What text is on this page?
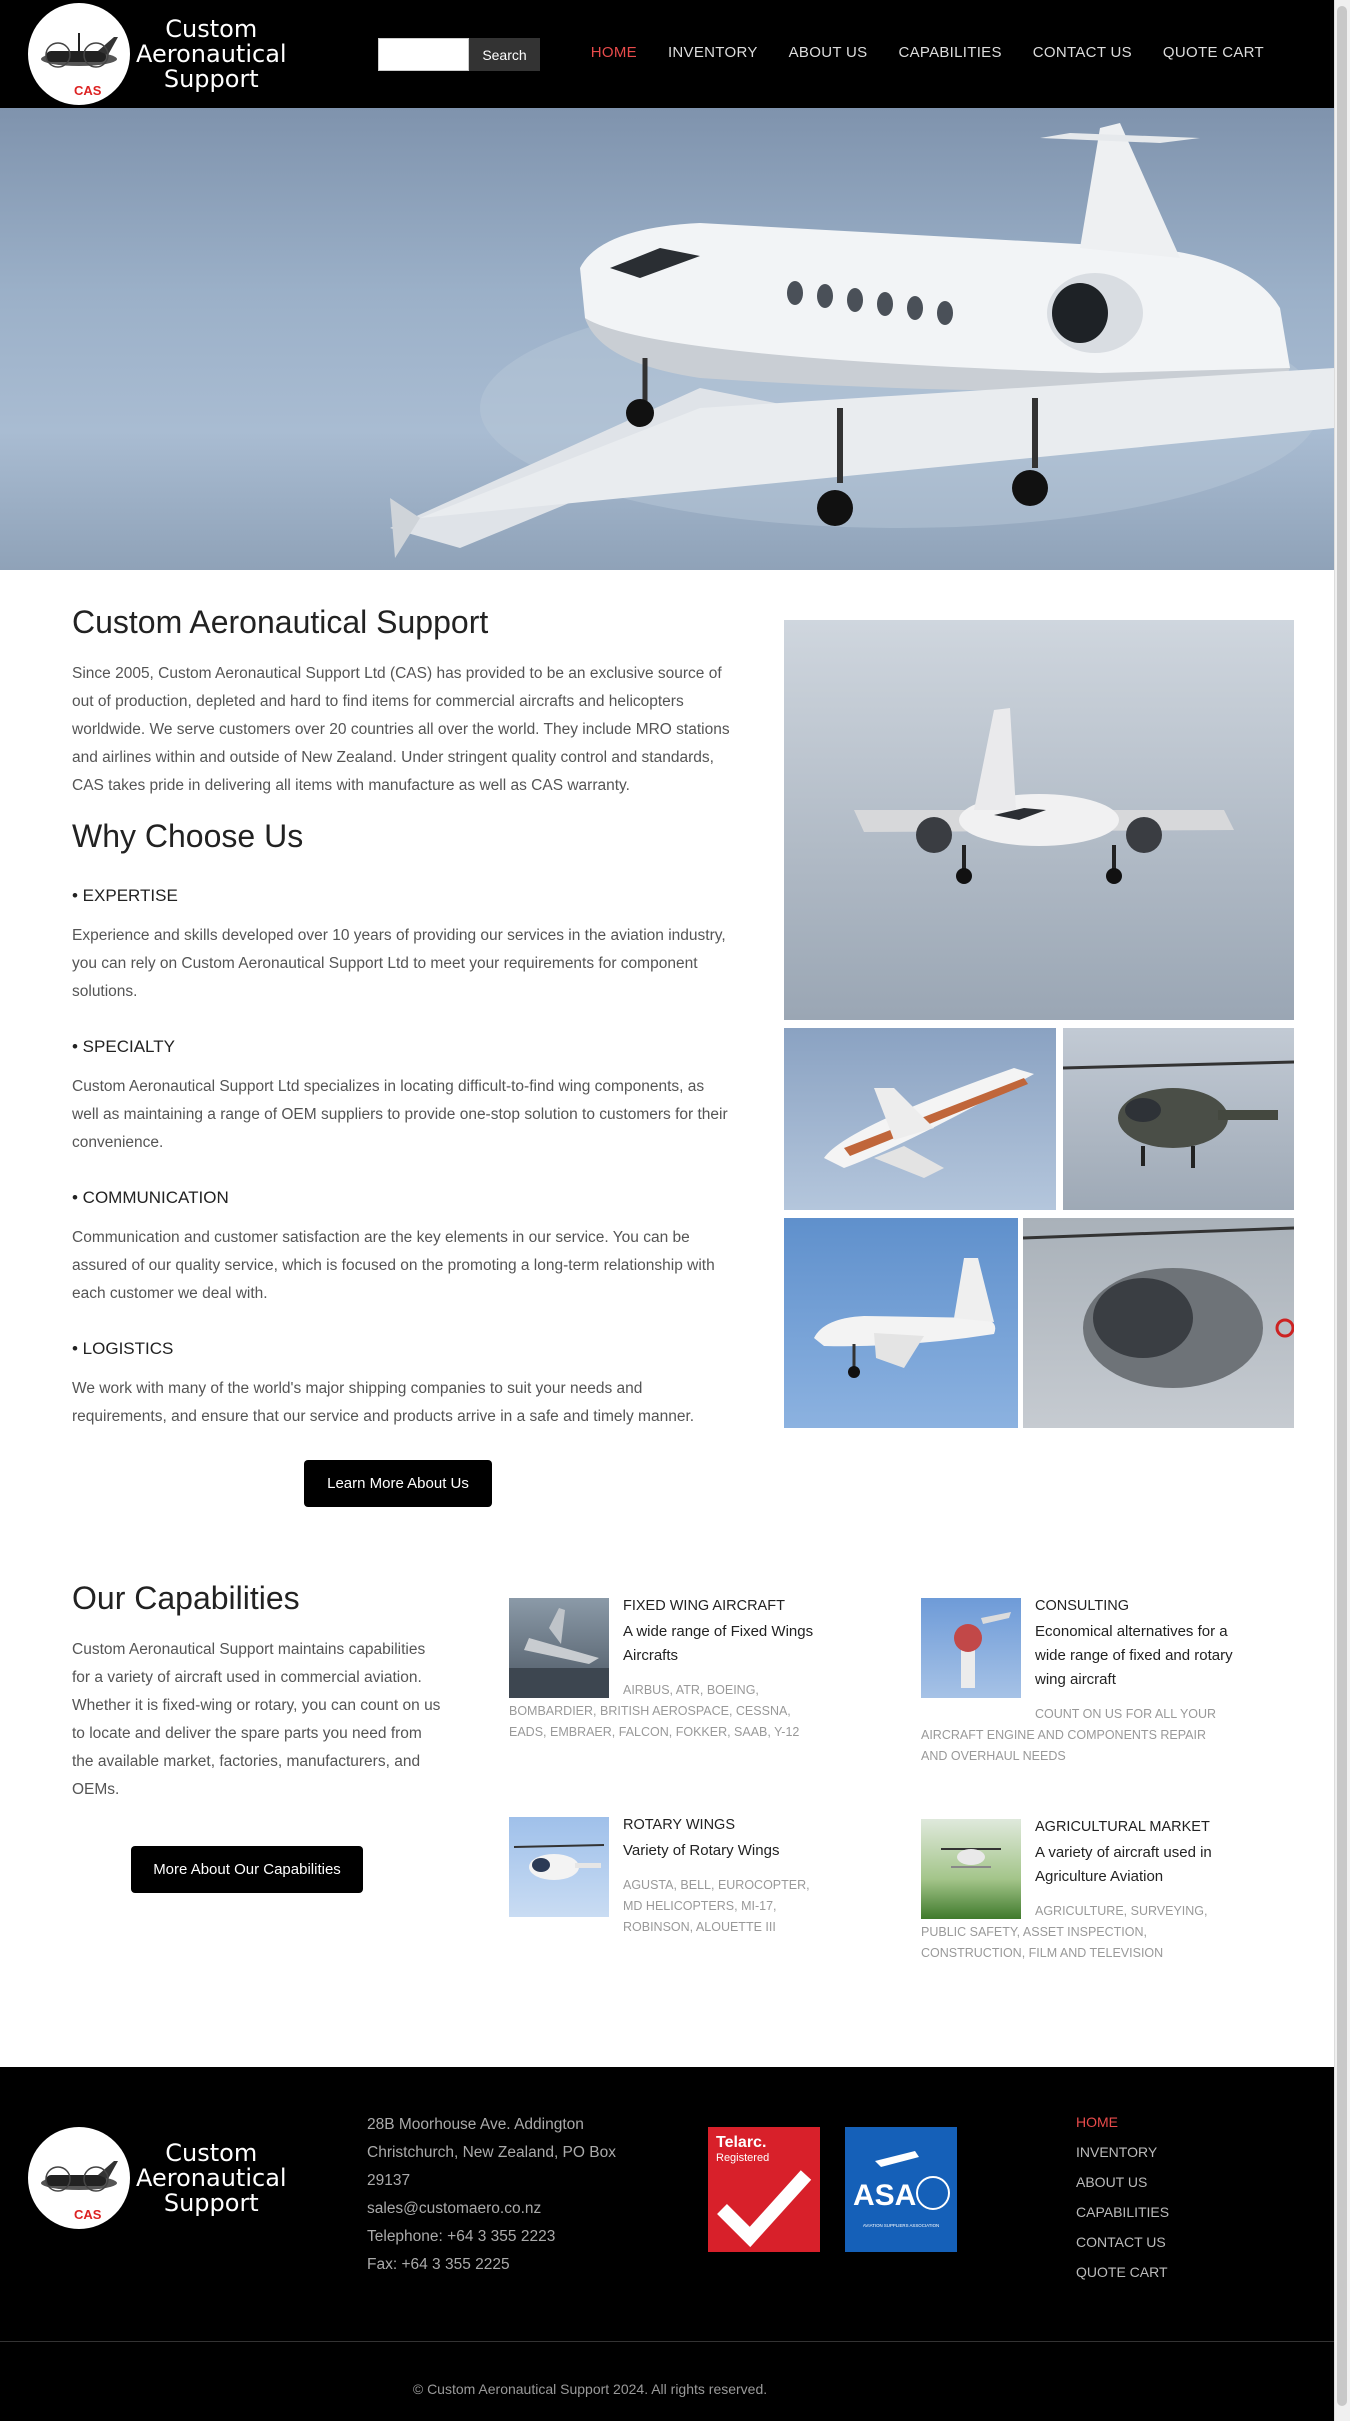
CAS
Custom
Aeronautical
Support
Search	HOME INVENTORY ABOUT US CAPABILITIES CONTACT US QUOTE CART
Custom Aeronautical Support

Since 2005, Custom Aeronautical Support Ltd (CAS) has provided to be an exclusive source of out of production, depleted and hard to find items for commercial aircrafts and helicopters worldwide. We serve customers over 20 countries all over the world. They include MRO stations and airlines within and outside of New Zealand. Under stringent quality control and standards, CAS takes pride in delivering all items with manufacture as well as CAS warranty.

Why Choose Us
• EXPERTISE

Experience and skills developed over 10 years of providing our services in the aviation industry, you can rely on Custom Aeronautical Support Ltd to meet your requirements for component solutions.

• SPECIALTY

Custom Aeronautical Support Ltd specializes in locating difficult-to-find wing components, as well as maintaining a range of OEM suppliers to provide one-stop solution to customers for their convenience.

• COMMUNICATION

Communication and customer satisfaction are the key elements in our service. You can be assured of our quality service, which is focused on the promoting a long-term relationship with each customer we deal with.

• LOGISTICS

We work with many of the world's major shipping companies to suit your needs and requirements, and ensure that our service and products arrive in a safe and timely manner.

Learn More About Us
Our Capabilities

Custom Aeronautical Support maintains capabilities for a variety of aircraft used in commercial aviation. Whether it is fixed-wing or rotary, you can count on us to locate and deliver the spare parts you need from the available market, factories, manufacturers, and OEMs.

More About Our Capabilities
FIXED WING AIRCRAFT
A wide range of Fixed Wings Aircrafts
AIRBUS, ATR, BOEING, BOMBARDIER, BRITISH AEROSPACE, CESSNA, EADS, EMBRAER, FALCON, FOKKER, SAAB, Y-12
CONSULTING
Economical alternatives for a wide range of fixed and rotary wing aircraft
COUNT ON US FOR ALL YOUR AIRCRAFT ENGINE AND COMPONENTS REPAIR AND OVERHAUL NEEDS
ROTARY WINGS
Variety of Rotary Wings
AGUSTA, BELL, EUROCOPTER, MD HELICOPTERS, MI-17, ROBINSON, ALOUETTE III
AGRICULTURAL MARKET
A variety of aircraft used in Agriculture Aviation
AGRICULTURE, SURVEYING, PUBLIC SAFETY, ASSET INSPECTION, CONSTRUCTION, FILM AND TELEVISION
CAS
Custom
Aeronautical
Support
28B Moorhouse Ave. Addington
Christchurch, New Zealand, PO Box 29137
sales@customaero.co.nz
Telephone: +64 3 355 2223
Fax: +64 3 355 2225
Telarc.
Registered
ASA
AVIATION SUPPLIERS ASSOCIATION
HOME
INVENTORY
ABOUT US
CAPABILITIES
CONTACT US
QUOTE CART
© Custom Aeronautical Support 2024. All rights reserved.
